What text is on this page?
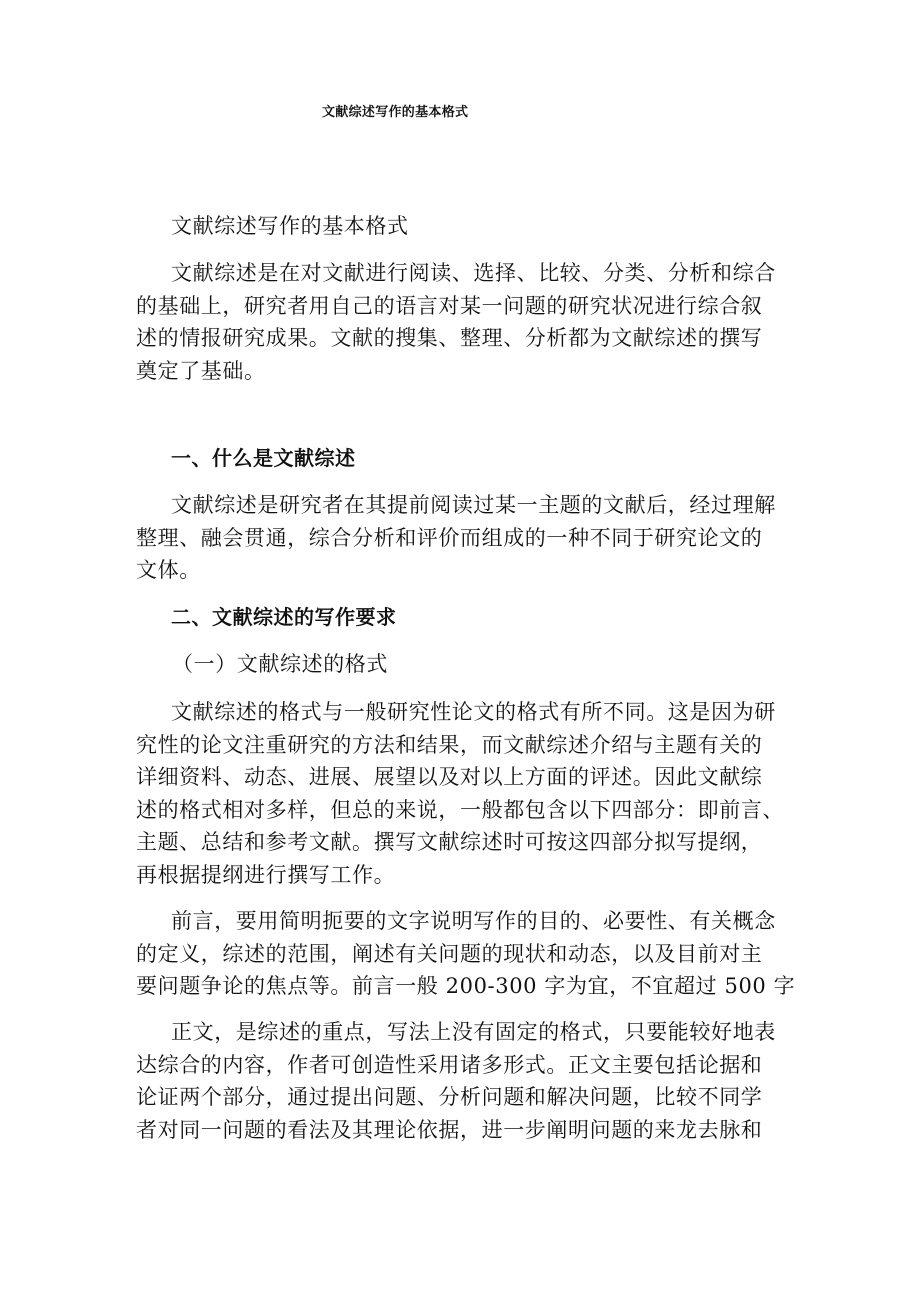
文献综述写作的基本格式
文献综述写作的基本格式
文献综述是在对文献进行阅读、选择、比较、分类、分析和综合
的基础上，研究者用自己的语言对某一问题的研究状况进行综合叙
述的情报研究成果。文献的搜集、整理、分析都为文献综述的撰写
奠定了基础。
一、什么是文献综述
文献综述是研究者在其提前阅读过某一主题的文献后，经过理解
整理、融会贯通，综合分析和评价而组成的一种不同于研究论文的
文体。
二、文献综述的写作要求
（一）文献综述的格式
文献综述的格式与一般研究性论文的格式有所不同。这是因为研
究性的论文注重研究的方法和结果，而文献综述介绍与主题有关的
详细资料、动态、进展、展望以及对以上方面的评述。因此文献综
述的格式相对多样，但总的来说，一般都包含以下四部分：即前言、
主题、总结和参考文献。撰写文献综述时可按这四部分拟写提纲，
再根据提纲进行撰写工作。
前言，要用简明扼要的文字说明写作的目的、必要性、有关概念
的定义，综述的范围，阐述有关问题的现状和动态，以及目前对主
要问题争论的焦点等。前言一般 200-300 字为宜，不宜超过 500 字
正文，是综述的重点，写法上没有固定的格式，只要能较好地表
达综合的内容，作者可创造性采用诸多形式。正文主要包括论据和
论证两个部分，通过提出问题、分析问题和解决问题，比较不同学
者对同一问题的看法及其理论依据，进一步阐明问题的来龙去脉和
